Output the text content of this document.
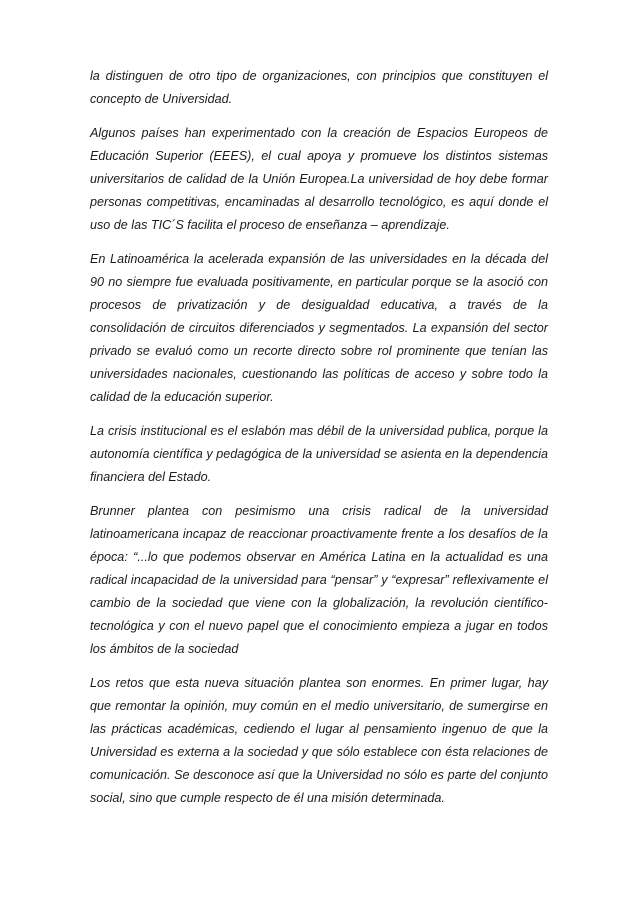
la distinguen de otro tipo de organizaciones, con principios que constituyen el concepto de Universidad.

Algunos países han experimentado con la creación de Espacios Europeos de Educación Superior (EEES), el cual apoya y promueve los distintos sistemas universitarios de calidad de la Unión Europea.La universidad de hoy debe formar personas competitivas, encaminadas al desarrollo tecnológico, es aquí donde el uso de las TIC´S facilita el proceso de enseñanza – aprendizaje.

En Latinoamérica la acelerada expansión de las universidades en la década del 90 no siempre fue evaluada positivamente, en particular porque se la asoció con procesos de privatización y de desigualdad educativa, a través de la consolidación de circuitos diferenciados y segmentados. La expansión del sector privado se evaluó como un recorte directo sobre rol prominente que tenían las universidades nacionales, cuestionando las políticas de acceso y sobre todo la calidad de la educación superior.

La crisis institucional es el eslabón mas débil de la universidad publica, porque la autonomía científica y pedagógica de la universidad se asienta en la dependencia financiera del Estado.

Brunner plantea con pesimismo una crisis radical de la universidad latinoamericana incapaz de reaccionar proactivamente frente a los desafíos de la época: “...lo que podemos observar en América Latina en la actualidad es una radical incapacidad de la universidad para “pensar” y “expresar” reflexivamente el cambio de la sociedad que viene con la globalización, la revolución científico-tecnológica y con el nuevo papel que el conocimiento empieza a jugar en todos los ámbitos de la sociedad

Los retos que esta nueva situación plantea son enormes. En primer lugar, hay que remontar la opinión, muy común en el medio universitario, de sumergirse en las prácticas académicas, cediendo el lugar al pensamiento ingenuo de que la Universidad es externa a la sociedad y que sólo establece con ésta relaciones de comunicación. Se desconoce así que la Universidad no sólo es parte del conjunto social, sino que cumple respecto de él una misión determinada.
